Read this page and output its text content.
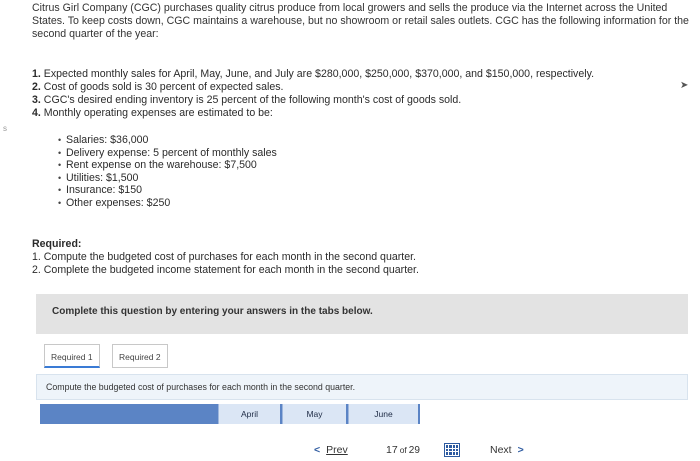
Citrus Girl Company (CGC) purchases quality citrus produce from local growers and sells the produce via the Internet across the United States. To keep costs down, CGC maintains a warehouse, but no showroom or retail sales outlets. CGC has the following information for the second quarter of the year:
s
➤
1. Expected monthly sales for April, May, June, and July are $280,000, $250,000, $370,000, and $150,000, respectively.
2. Cost of goods sold is 30 percent of expected sales.
3. CGC's desired ending inventory is 25 percent of the following month's cost of goods sold.
4. Monthly operating expenses are estimated to be:
• Salaries: $36,000
• Delivery expense: 5 percent of monthly sales
• Rent expense on the warehouse: $7,500
• Utilities: $1,500
• Insurance: $150
• Other expenses: $250
Required:
1. Compute the budgeted cost of purchases for each month in the second quarter.
2. Complete the budgeted income statement for each month in the second quarter.
Complete this question by entering your answers in the tabs below.
Required 1	Required 2
Compute the budgeted cost of purchases for each month in the second quarter.
April	May	June
< Prev	17 of 29	Next >
